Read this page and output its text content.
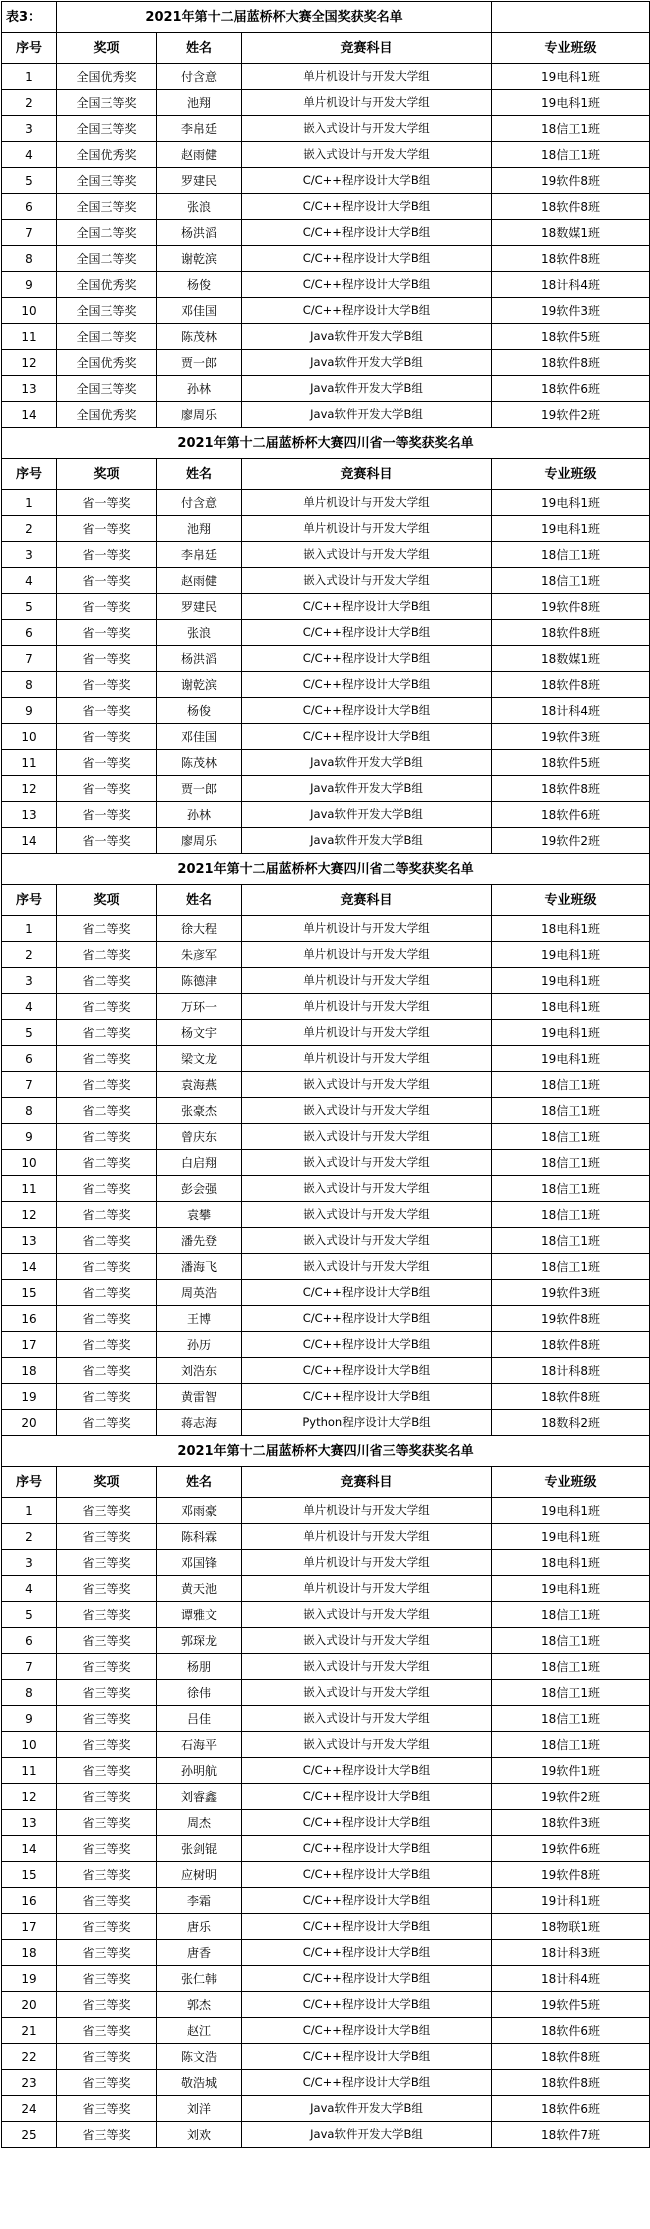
表3：	2021年第十二届蓝桥杯大赛全国奖获奖名单			
序号	奖项	姓名	竞赛科目	专业班级
1	全国优秀奖	付含意	单片机设计与开发大学组	19电科1班
2	全国三等奖	池翔	单片机设计与开发大学组	19电科1班
3	全国三等奖	李帛廷	嵌入式设计与开发大学组	18信工1班
4	全国优秀奖	赵雨健	嵌入式设计与开发大学组	18信工1班
5	全国三等奖	罗建民	C/C++程序设计大学B组	19软件8班
6	全国三等奖	张浪	C/C++程序设计大学B组	18软件8班
7	全国二等奖	杨洪滔	C/C++程序设计大学B组	18数媒1班
8	全国二等奖	谢乾滨	C/C++程序设计大学B组	18软件8班
9	全国优秀奖	杨俊	C/C++程序设计大学B组	18计科4班
10	全国三等奖	邓佳国	C/C++程序设计大学B组	19软件3班
11	全国二等奖	陈茂林	Java软件开发大学B组	18软件5班
12	全国优秀奖	贾一郎	Java软件开发大学B组	18软件8班
13	全国三等奖	孙林	Java软件开发大学B组	18软件6班
14	全国优秀奖	廖周乐	Java软件开发大学B组	19软件2班
2021年第十二届蓝桥杯大赛四川省一等奖获奖名单				
序号	奖项	姓名	竞赛科目	专业班级
1	省一等奖	付含意	单片机设计与开发大学组	19电科1班
2	省一等奖	池翔	单片机设计与开发大学组	19电科1班
3	省一等奖	李帛廷	嵌入式设计与开发大学组	18信工1班
4	省一等奖	赵雨健	嵌入式设计与开发大学组	18信工1班
5	省一等奖	罗建民	C/C++程序设计大学B组	19软件8班
6	省一等奖	张浪	C/C++程序设计大学B组	18软件8班
7	省一等奖	杨洪滔	C/C++程序设计大学B组	18数媒1班
8	省一等奖	谢乾滨	C/C++程序设计大学B组	18软件8班
9	省一等奖	杨俊	C/C++程序设计大学B组	18计科4班
10	省一等奖	邓佳国	C/C++程序设计大学B组	19软件3班
11	省一等奖	陈茂林	Java软件开发大学B组	18软件5班
12	省一等奖	贾一郎	Java软件开发大学B组	18软件8班
13	省一等奖	孙林	Java软件开发大学B组	18软件6班
14	省一等奖	廖周乐	Java软件开发大学B组	19软件2班
2021年第十二届蓝桥杯大赛四川省二等奖获奖名单				
序号	奖项	姓名	竞赛科目	专业班级
1	省二等奖	徐大程	单片机设计与开发大学组	18电科1班
2	省二等奖	朱彦军	单片机设计与开发大学组	19电科1班
3	省二等奖	陈德津	单片机设计与开发大学组	19电科1班
4	省二等奖	万环一	单片机设计与开发大学组	18电科1班
5	省二等奖	杨文宇	单片机设计与开发大学组	19电科1班
6	省二等奖	梁文龙	单片机设计与开发大学组	19电科1班
7	省二等奖	袁海燕	嵌入式设计与开发大学组	18信工1班
8	省二等奖	张豪杰	嵌入式设计与开发大学组	18信工1班
9	省二等奖	曾庆东	嵌入式设计与开发大学组	18信工1班
10	省二等奖	白启翔	嵌入式设计与开发大学组	18信工1班
11	省二等奖	彭会强	嵌入式设计与开发大学组	18信工1班
12	省二等奖	袁攀	嵌入式设计与开发大学组	18信工1班
13	省二等奖	潘先登	嵌入式设计与开发大学组	18信工1班
14	省二等奖	潘海飞	嵌入式设计与开发大学组	18信工1班
15	省二等奖	周英浩	C/C++程序设计大学B组	19软件3班
16	省二等奖	王博	C/C++程序设计大学B组	19软件8班
17	省二等奖	孙历	C/C++程序设计大学B组	18软件8班
18	省二等奖	刘浩东	C/C++程序设计大学B组	18计科8班
19	省二等奖	黄雷智	C/C++程序设计大学B组	18软件8班
20	省二等奖	蒋志海	Python程序设计大学B组	18数科2班
2021年第十二届蓝桥杯大赛四川省三等奖获奖名单				
序号	奖项	姓名	竞赛科目	专业班级
1	省三等奖	邓雨豪	单片机设计与开发大学组	19电科1班
2	省三等奖	陈科霖	单片机设计与开发大学组	19电科1班
3	省三等奖	邓国锋	单片机设计与开发大学组	18电科1班
4	省三等奖	黄天池	单片机设计与开发大学组	19电科1班
5	省三等奖	谭雅文	嵌入式设计与开发大学组	18信工1班
6	省三等奖	郭琛龙	嵌入式设计与开发大学组	18信工1班
7	省三等奖	杨朋	嵌入式设计与开发大学组	18信工1班
8	省三等奖	徐伟	嵌入式设计与开发大学组	18信工1班
9	省三等奖	吕佳	嵌入式设计与开发大学组	18信工1班
10	省三等奖	石海平	嵌入式设计与开发大学组	18信工1班
11	省三等奖	孙明航	C/C++程序设计大学B组	19软件1班
12	省三等奖	刘睿鑫	C/C++程序设计大学B组	19软件2班
13	省三等奖	周杰	C/C++程序设计大学B组	18软件3班
14	省三等奖	张剑锟	C/C++程序设计大学B组	19软件6班
15	省三等奖	应树明	C/C++程序设计大学B组	19软件8班
16	省三等奖	李霜	C/C++程序设计大学B组	19计科1班
17	省三等奖	唐乐	C/C++程序设计大学B组	18物联1班
18	省三等奖	唐香	C/C++程序设计大学B组	18计科3班
19	省三等奖	张仁韩	C/C++程序设计大学B组	18计科4班
20	省三等奖	郭杰	C/C++程序设计大学B组	19软件5班
21	省三等奖	赵江	C/C++程序设计大学B组	18软件6班
22	省三等奖	陈文浩	C/C++程序设计大学B组	18软件8班
23	省三等奖	敬浩城	C/C++程序设计大学B组	18软件8班
24	省三等奖	刘洋	Java软件开发大学B组	18软件6班
25	省三等奖	刘欢	Java软件开发大学B组	18软件7班
